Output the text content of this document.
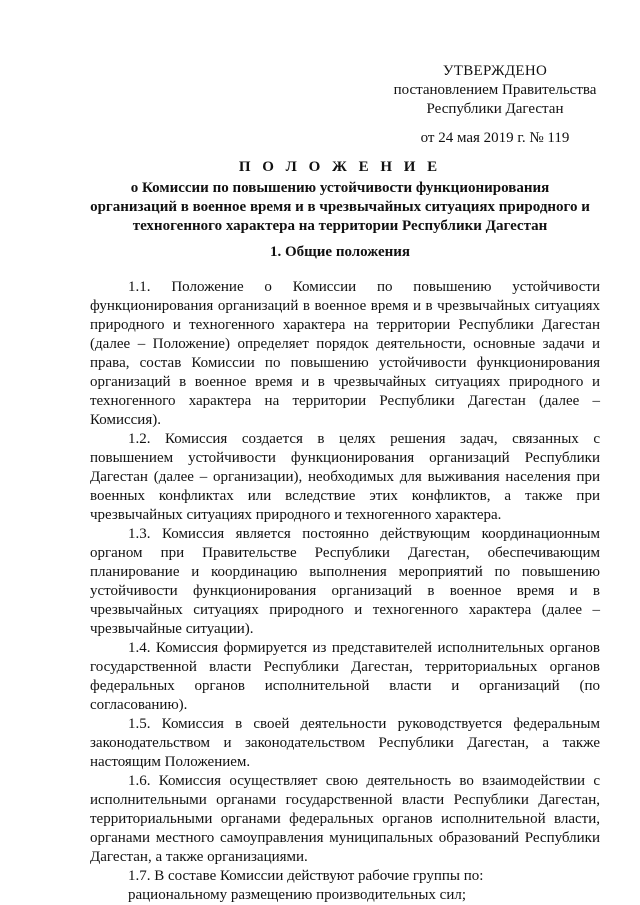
УТВЕРЖДЕНО
постановлением Правительства
Республики Дагестан
от 24 мая 2019 г. № 119
П О Л О Ж Е Н И Е
о Комиссии по повышению устойчивости функционирования
организаций в военное время и в чрезвычайных ситуациях природного и
техногенного характера на территории Республики Дагестан
1. Общие положения

1.1. Положение о Комиссии по повышению устойчивости функционирования организаций в военное время и в чрезвычайных ситуациях природного и техногенного характера на территории Республики Дагестан (далее – Положение) определяет порядок деятельности, основные задачи и права, состав Комиссии по повышению устойчивости функционирования организаций в военное время и в чрезвычайных ситуациях природного и техногенного характера на территории Республики Дагестан (далее – Комиссия).

1.2. Комиссия создается в целях решения задач, связанных с повышением устойчивости функционирования организаций Республики Дагестан (далее – организации), необходимых для выживания населения при военных конфликтах или вследствие этих конфликтов, а также при чрезвычайных ситуациях природного и техногенного характера.

1.3. Комиссия является постоянно действующим координационным органом при Правительстве Республики Дагестан, обеспечивающим планирование и координацию выполнения мероприятий по повышению устойчивости функционирования организаций в военное время и в чрезвычайных ситуациях природного и техногенного характера (далее – чрезвычайные ситуации).

1.4. Комиссия формируется из представителей исполнительных органов государственной власти Республики Дагестан, территориальных органов федеральных органов исполнительной власти и организаций (по согласованию).

1.5. Комиссия в своей деятельности руководствуется федеральным законодательством и законодательством Республики Дагестан, а также настоящим Положением.

1.6. Комиссия осуществляет свою деятельность во взаимодействии с исполнительными органами государственной власти Республики Дагестан, территориальными органами федеральных органов исполнительной власти, органами местного самоуправления муниципальных образований Республики Дагестан, а также организациями.

1.7. В составе Комиссии действуют рабочие группы по:

рациональному размещению производительных сил;
